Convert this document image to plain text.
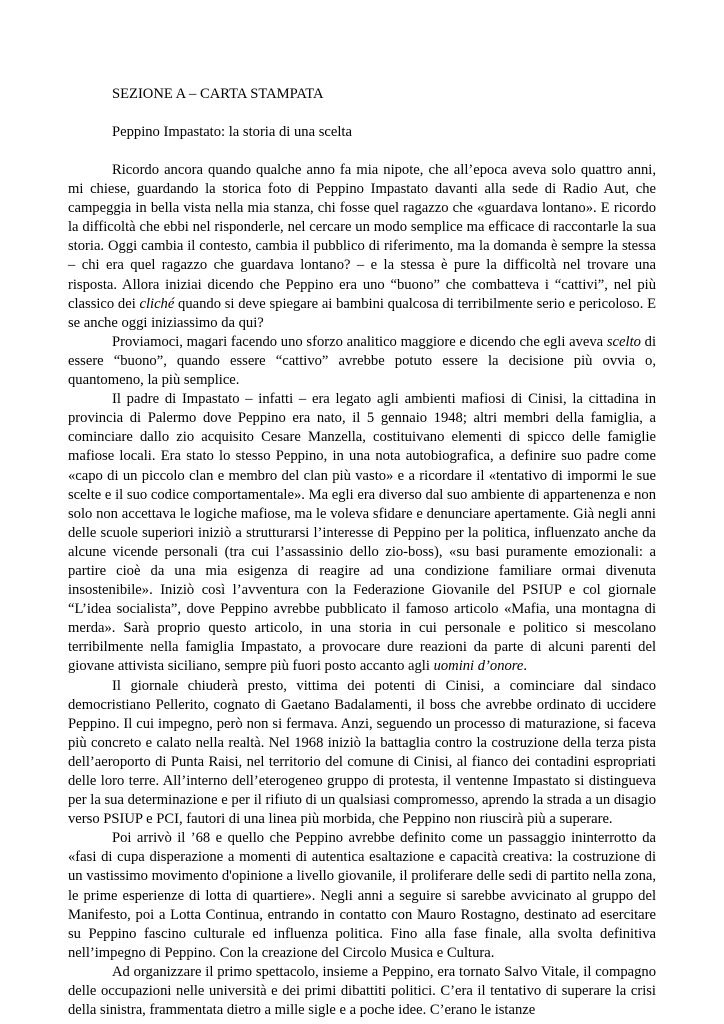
SEZIONE A – CARTA STAMPATA
Peppino Impastato: la storia di una scelta

Ricordo ancora quando qualche anno fa mia nipote, che all’epoca aveva solo quattro anni, mi chiese, guardando la storica foto di Peppino Impastato davanti alla sede di Radio Aut, che campeggia in bella vista nella mia stanza, chi fosse quel ragazzo che «guardava lontano». E ricordo la difficoltà che ebbi nel risponderle, nel cercare un modo semplice ma efficace di raccontarle la sua storia. Oggi cambia il contesto, cambia il pubblico di riferimento, ma la domanda è sempre la stessa – chi era quel ragazzo che guardava lontano? – e la stessa è pure la difficoltà nel trovare una risposta. Allora iniziai dicendo che Peppino era uno “buono” che combatteva i “cattivi”, nel più classico dei cliché quando si deve spiegare ai bambini qualcosa di terribilmente serio e pericoloso. E se anche oggi iniziassimo da qui?

Proviamoci, magari facendo uno sforzo analitico maggiore e dicendo che egli aveva scelto di essere “buono”, quando essere “cattivo” avrebbe potuto essere la decisione più ovvia o, quantomeno, la più semplice.

Il padre di Impastato – infatti – era legato agli ambienti mafiosi di Cinisi, la cittadina in provincia di Palermo dove Peppino era nato, il 5 gennaio 1948; altri membri della famiglia, a cominciare dallo zio acquisito Cesare Manzella, costituivano elementi di spicco delle famiglie mafiose locali. Era stato lo stesso Peppino, in una nota autobiografica, a definire suo padre come «capo di un piccolo clan e membro del clan più vasto» e a ricordare il «tentativo di impormi le sue scelte e il suo codice comportamentale». Ma egli era diverso dal suo ambiente di appartenenza e non solo non accettava le logiche mafiose, ma le voleva sfidare e denunciare apertamente. Già negli anni delle scuole superiori iniziò a strutturarsi l’interesse di Peppino per la politica, influenzato anche da alcune vicende personali (tra cui l’assassinio dello zio-boss), «su basi puramente emozionali: a partire cioè da una mia esigenza di reagire ad una condizione familiare ormai divenuta insostenibile». Iniziò così l’avventura con la Federazione Giovanile del PSIUP e col giornale “L’idea socialista”, dove Peppino avrebbe pubblicato il famoso articolo «Mafia, una montagna di merda». Sarà proprio questo articolo, in una storia in cui personale e politico si mescolano terribilmente nella famiglia Impastato, a provocare dure reazioni da parte di alcuni parenti del giovane attivista siciliano, sempre più fuori posto accanto agli uomini d’onore.

Il giornale chiuderà presto, vittima dei potenti di Cinisi, a cominciare dal sindaco democristiano Pellerito, cognato di Gaetano Badalamenti, il boss che avrebbe ordinato di uccidere Peppino. Il cui impegno, però non si fermava. Anzi, seguendo un processo di maturazione, si faceva più concreto e calato nella realtà. Nel 1968 iniziò la battaglia contro la costruzione della terza pista dell’aeroporto di Punta Raisi, nel territorio del comune di Cinisi, al fianco dei contadini espropriati delle loro terre. All’interno dell’eterogeneo gruppo di protesta, il ventenne Impastato si distingueva per la sua determinazione e per il rifiuto di un qualsiasi compromesso, aprendo la strada a un disagio verso PSIUP e PCI, fautori di una linea più morbida, che Peppino non riuscirà più a superare.

Poi arrivò il ’68 e quello che Peppino avrebbe definito come un passaggio ininterrotto da «fasi di cupa disperazione a momenti di autentica esaltazione e capacità creativa: la costruzione di un vastissimo movimento d'opinione a livello giovanile, il proliferare delle sedi di partito nella zona, le prime esperienze di lotta di quartiere». Negli anni a seguire si sarebbe avvicinato al gruppo del Manifesto, poi a Lotta Continua, entrando in contatto con Mauro Rostagno, destinato ad esercitare su Peppino fascino culturale ed influenza politica. Fino alla fase finale, alla svolta definitiva nell’impegno di Peppino. Con la creazione del Circolo Musica e Cultura.

Ad organizzare il primo spettacolo, insieme a Peppino, era tornato Salvo Vitale, il compagno delle occupazioni nelle università e dei primi dibattiti politici. C’era il tentativo di superare la crisi della sinistra, frammentata dietro a mille sigle e a poche idee. C’erano le istanze
